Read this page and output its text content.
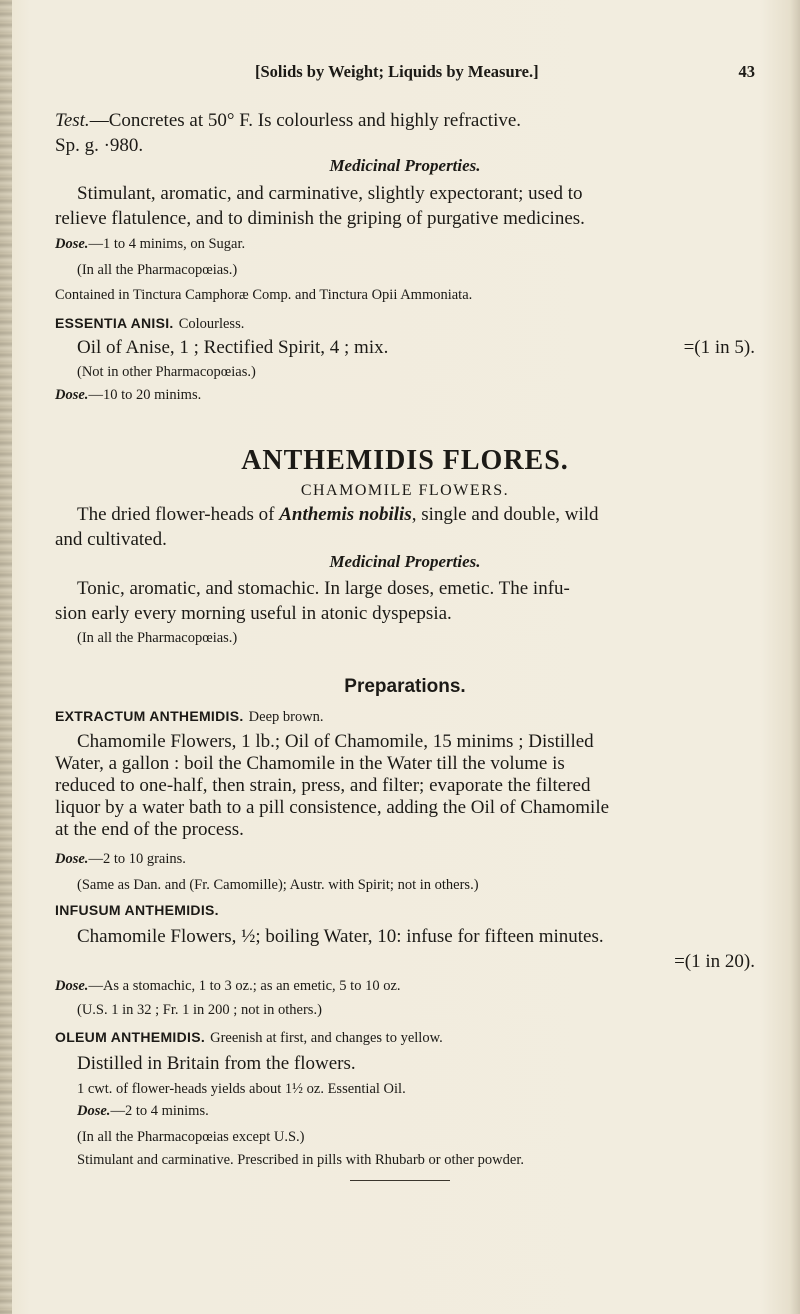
[Solids by Weight; Liquids by Measure.]	43
Test.—Concretes at 50° F. Is colourless and highly refractive.
Sp. g. ·980.
Medicinal Properties.
Stimulant, aromatic, and carminative, slightly expectorant; used to
relieve flatulence, and to diminish the griping of purgative medicines.
Dose.—1 to 4 minims, on Sugar.
(In all the Pharmacopœias.)
Contained in Tinctura Camphoræ Comp. and Tinctura Opii Ammoniata.
ESSENTIA ANISI. Colourless.
Oil of Anise, 1 ; Rectified Spirit, 4 ; mix.	=(1 in 5).
(Not in other Pharmacopœias.)
Dose.—10 to 20 minims.
ANTHEMIDIS FLORES.
CHAMOMILE FLOWERS.
The dried flower-heads of Anthemis nobilis, single and double, wild
and cultivated.
Medicinal Properties.
Tonic, aromatic, and stomachic. In large doses, emetic. The infu-
sion early every morning useful in atonic dyspepsia.
(In all the Pharmacopœias.)
Preparations.
EXTRACTUM ANTHEMIDIS. Deep brown.
Chamomile Flowers, 1 lb.; Oil of Chamomile, 15 minims ; Distilled
Water, a gallon : boil the Chamomile in the Water till the volume is
reduced to one-half, then strain, press, and filter; evaporate the filtered
liquor by a water bath to a pill consistence, adding the Oil of Chamomile
at the end of the process.
Dose.—2 to 10 grains.
(Same as Dan. and (Fr. Camomille); Austr. with Spirit; not in others.)
INFUSUM ANTHEMIDIS.
Chamomile Flowers, ½; boiling Water, 10: infuse for fifteen minutes.
=(1 in 20).
Dose.—As a stomachic, 1 to 3 oz.; as an emetic, 5 to 10 oz.
(U.S. 1 in 32 ; Fr. 1 in 200 ; not in others.)
OLEUM ANTHEMIDIS. Greenish at first, and changes to yellow.
Distilled in Britain from the flowers.
1 cwt. of flower-heads yields about 1½ oz. Essential Oil.
Dose.—2 to 4 minims.
(In all the Pharmacopœias except U.S.)
Stimulant and carminative. Prescribed in pills with Rhubarb or other powder.
